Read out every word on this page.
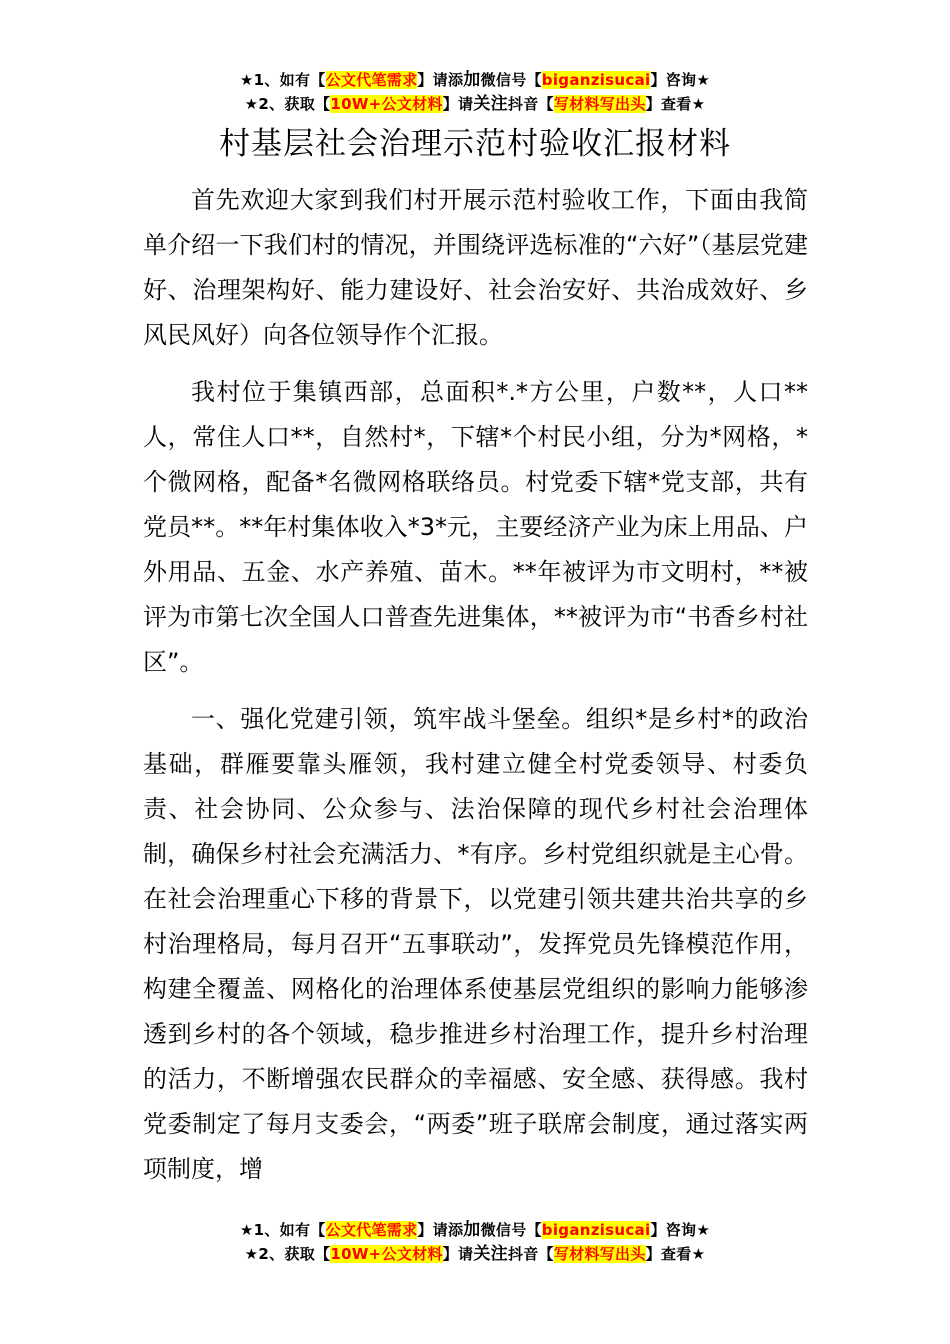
★1、如有【公文代笔需求】请添加微信号【biganzisucai】咨询★
★2、获取【10W+公文材料】请关注抖音【写材料写出头】查看★
村基层社会治理示范村验收汇报材料

首先欢迎大家到我们村开展示范村验收工作，下面由我简单介绍一下我们村的情况，并围绕评选标准的“六好”（基层党建好、治理架构好、能力建设好、社会治安好、共治成效好、乡风民风好）向各位领导作个汇报。

我村位于集镇西部，总面积*.*方公里，户数**，人口**人，常住人口**，自然村*，下辖*个村民小组，分为*网格，*个微网格，配备*名微网格联络员。村党委下辖*党支部，共有党员**。**年村集体收入*3*元，主要经济产业为床上用品、户外用品、五金、水产养殖、苗木。**年被评为市文明村，**被评为市第七次全国人口普查先进集体，**被评为市“书香乡村社区”。

一、强化党建引领，筑牢战斗堡垒。组织*是乡村*的政治基础，群雁要靠头雁领，我村建立健全村党委领导、村委负责、社会协同、公众参与、法治保障的现代乡村社会治理体制，确保乡村社会充满活力、*有序。乡村党组织就是主心骨。在社会治理重心下移的背景下，以党建引领共建共治共享的乡村治理格局，每月召开“五事联动”，发挥党员先锋模范作用，构建全覆盖、网格化的治理体系使基层党组织的影响力能够渗透到乡村的各个领域，稳步推进乡村治理工作，提升乡村治理的活力，不断增强农民群众的幸福感、安全感、获得感。我村党委制定了每月支委会，“两委”班子联席会制度，通过落实两项制度，增

★1、如有【公文代笔需求】请添加微信号【biganzisucai】咨询★
★2、获取【10W+公文材料】请关注抖音【写材料写出头】查看★
